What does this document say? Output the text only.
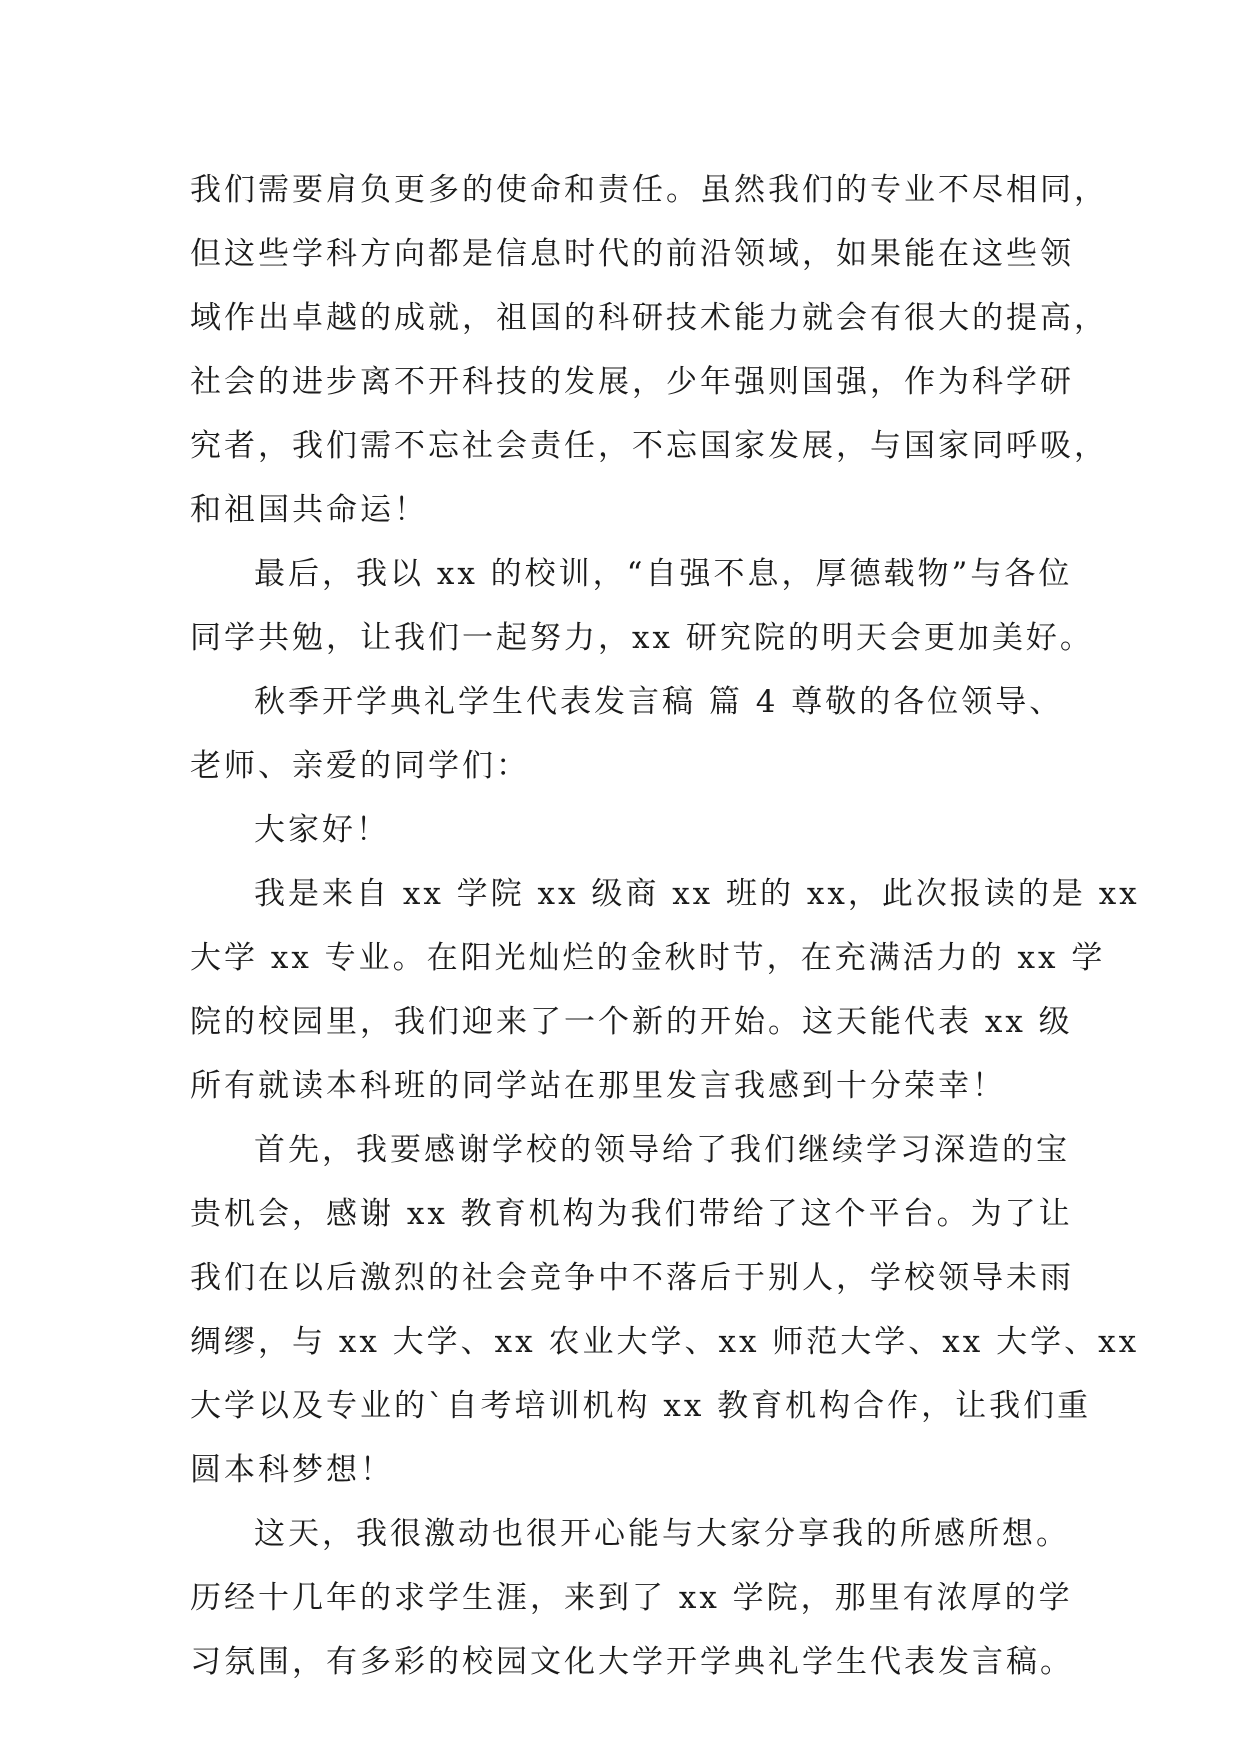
我们需要肩负更多的使命和责任。虽然我们的专业不尽相同，
但这些学科方向都是信息时代的前沿领域，如果能在这些领
域作出卓越的成就，祖国的科研技术能力就会有很大的提高，
社会的进步离不开科技的发展，少年强则国强，作为科学研
究者，我们需不忘社会责任，不忘国家发展，与国家同呼吸，
和祖国共命运！
最后，我以 xx 的校训，“自强不息，厚德载物”与各位
同学共勉，让我们一起努力，xx 研究院的明天会更加美好。
秋季开学典礼学生代表发言稿 篇 4 尊敬的各位领导、
老师、亲爱的同学们：
大家好！
我是来自 xx 学院 xx 级商 xx 班的 xx，此次报读的是 xx
大学 xx 专业。在阳光灿烂的金秋时节，在充满活力的 xx 学
院的校园里，我们迎来了一个新的开始。这天能代表 xx 级
所有就读本科班的同学站在那里发言我感到十分荣幸！
首先，我要感谢学校的领导给了我们继续学习深造的宝
贵机会，感谢 xx 教育机构为我们带给了这个平台。为了让
我们在以后激烈的社会竞争中不落后于别人，学校领导未雨
绸缪，与 xx 大学、xx 农业大学、xx 师范大学、xx 大学、xx
大学以及专业的`自考培训机构 xx 教育机构合作，让我们重
圆本科梦想！
这天，我很激动也很开心能与大家分享我的所感所想。
历经十几年的求学生涯，来到了 xx 学院，那里有浓厚的学
习氛围，有多彩的校园文化大学开学典礼学生代表发言稿。
